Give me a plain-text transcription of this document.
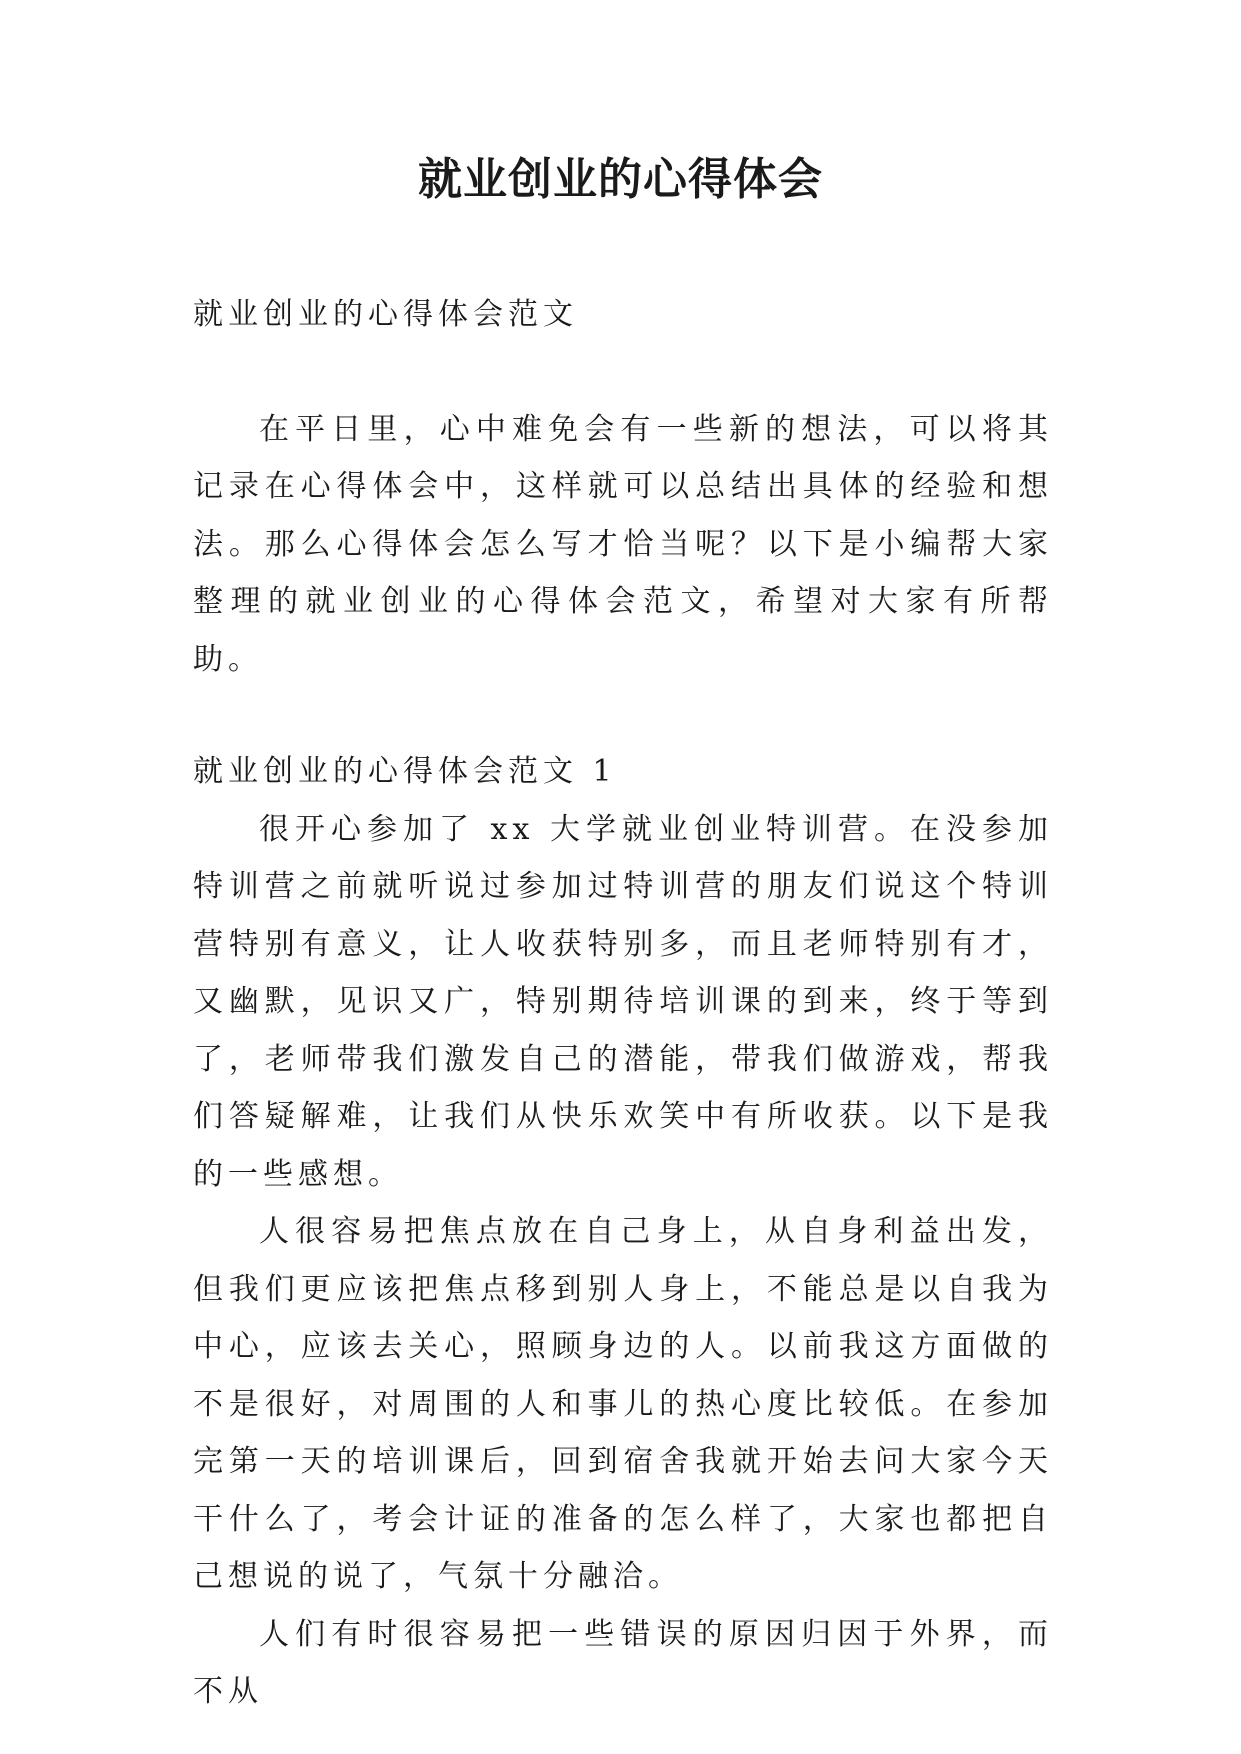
就业创业的心得体会

就业创业的心得体会范文

在平日里，心中难免会有一些新的想法，可以将其记录在心得体会中，这样就可以总结出具体的经验和想法。那么心得体会怎么写才恰当呢？以下是小编帮大家整理的就业创业的心得体会范文，希望对大家有所帮助。

就业创业的心得体会范文 1

很开心参加了 xx 大学就业创业特训营。在没参加特训营之前就听说过参加过特训营的朋友们说这个特训营特别有意义，让人收获特别多，而且老师特别有才，又幽默，见识又广，特别期待培训课的到来，终于等到了，老师带我们激发自己的潜能，带我们做游戏，帮我们答疑解难，让我们从快乐欢笑中有所收获。以下是我的一些感想。

人很容易把焦点放在自己身上，从自身利益出发，但我们更应该把焦点移到别人身上，不能总是以自我为中心，应该去关心，照顾身边的人。以前我这方面做的不是很好，对周围的人和事儿的热心度比较低。在参加完第一天的培训课后，回到宿舍我就开始去问大家今天干什么了，考会计证的准备的怎么样了，大家也都把自己想说的说了，气氛十分融洽。

人们有时很容易把一些错误的原因归因于外界，而不从
